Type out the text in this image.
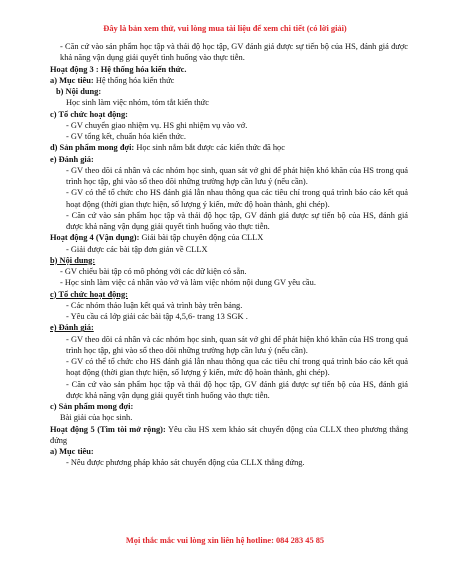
Đây là bản xem thử, vui lòng mua tài liệu để xem chi tiết (có lời giải)

- Căn cứ vào sản phẩm học tập và thái độ học tập, GV đánh giá được sự tiến bộ của HS, đánh giá được khả năng vận dụng giải quyết tình huống vào thực tiễn.

Hoạt động 3 : Hệ thống hóa kiến thức.

a) Mục tiêu: Hệ thống hóa kiến thức

b) Nội dung:

Học sinh làm việc nhóm, tóm tắt kiến thức

c) Tổ chức hoạt động:

- GV chuyển giao nhiệm vụ. HS ghi nhiệm vụ vào vở.

- GV tổng kết, chuẩn hóa kiến thức.

d) Sản phẩm mong đợi: Học sinh nắm bắt được các kiến thức đã học

e) Đánh giá:

- GV theo dõi cá nhân và các nhóm học sinh, quan sát vở ghi để phát hiện khó khăn của HS trong quá trình học tập, ghi vào sổ theo dõi những trường hợp cần lưu ý (nếu cần).

- GV có thể tổ chức cho HS đánh giá lẫn nhau thông qua các tiêu chí trong quá trình báo cáo kết quả hoạt động (thời gian thực hiện, số lượng ý kiến, mức độ hoàn thành, ghi chép).

- Căn cứ vào sản phẩm học tập và thái độ học tập, GV đánh giá được sự tiến bộ của HS, đánh giá được khả năng vận dụng giải quyết tình huống vào thực tiễn.

Hoạt động 4 (Vận dụng): Giải bài tập chuyên động của CLLX

- Giải được các bài tập đơn giản về CLLX

b) Nội dung:

- GV chiếu bài tập có mô phỏng với các dữ kiện có sẵn.

- Học sinh làm việc cá nhân vào vở và làm việc nhóm nội dung GV yêu cầu.

c) Tổ chức hoạt động:

- Các nhóm thảo luận kết quả và trình bày trên bảng.

- Yêu cầu cả lớp giải các bài tập 4,5,6- trang 13 SGK .

e) Đánh giá:

- GV theo dõi cá nhân và các nhóm học sinh, quan sát vở ghi để phát hiện khó khăn của HS trong quá trình học tập, ghi vào sổ theo dõi những trường hợp cần lưu ý (nếu cần).

- GV có thể tổ chức cho HS đánh giá lẫn nhau thông qua các tiêu chí trong quá trình báo cáo kết quả hoạt động (thời gian thực hiện, số lượng ý kiến, mức độ hoàn thành, ghi chép).

- Căn cứ vào sản phẩm học tập và thái độ học tập, GV đánh giá được sự tiến bộ của HS, đánh giá được khả năng vận dụng giải quyết tình huống vào thực tiễn.

c) Sản phẩm mong đợi:

Bài giải của học sinh.

Hoạt động 5 (Tìm tòi mở rộng): Yêu cầu HS xem khảo sát chuyển động của CLLX theo phương thẳng đứng

a) Mục tiêu:

- Nêu được phương pháp khảo sát chuyển động của CLLX thẳng đứng.

Mọi thắc mắc vui lòng xin liên hệ hotline: 084 283 45 85
